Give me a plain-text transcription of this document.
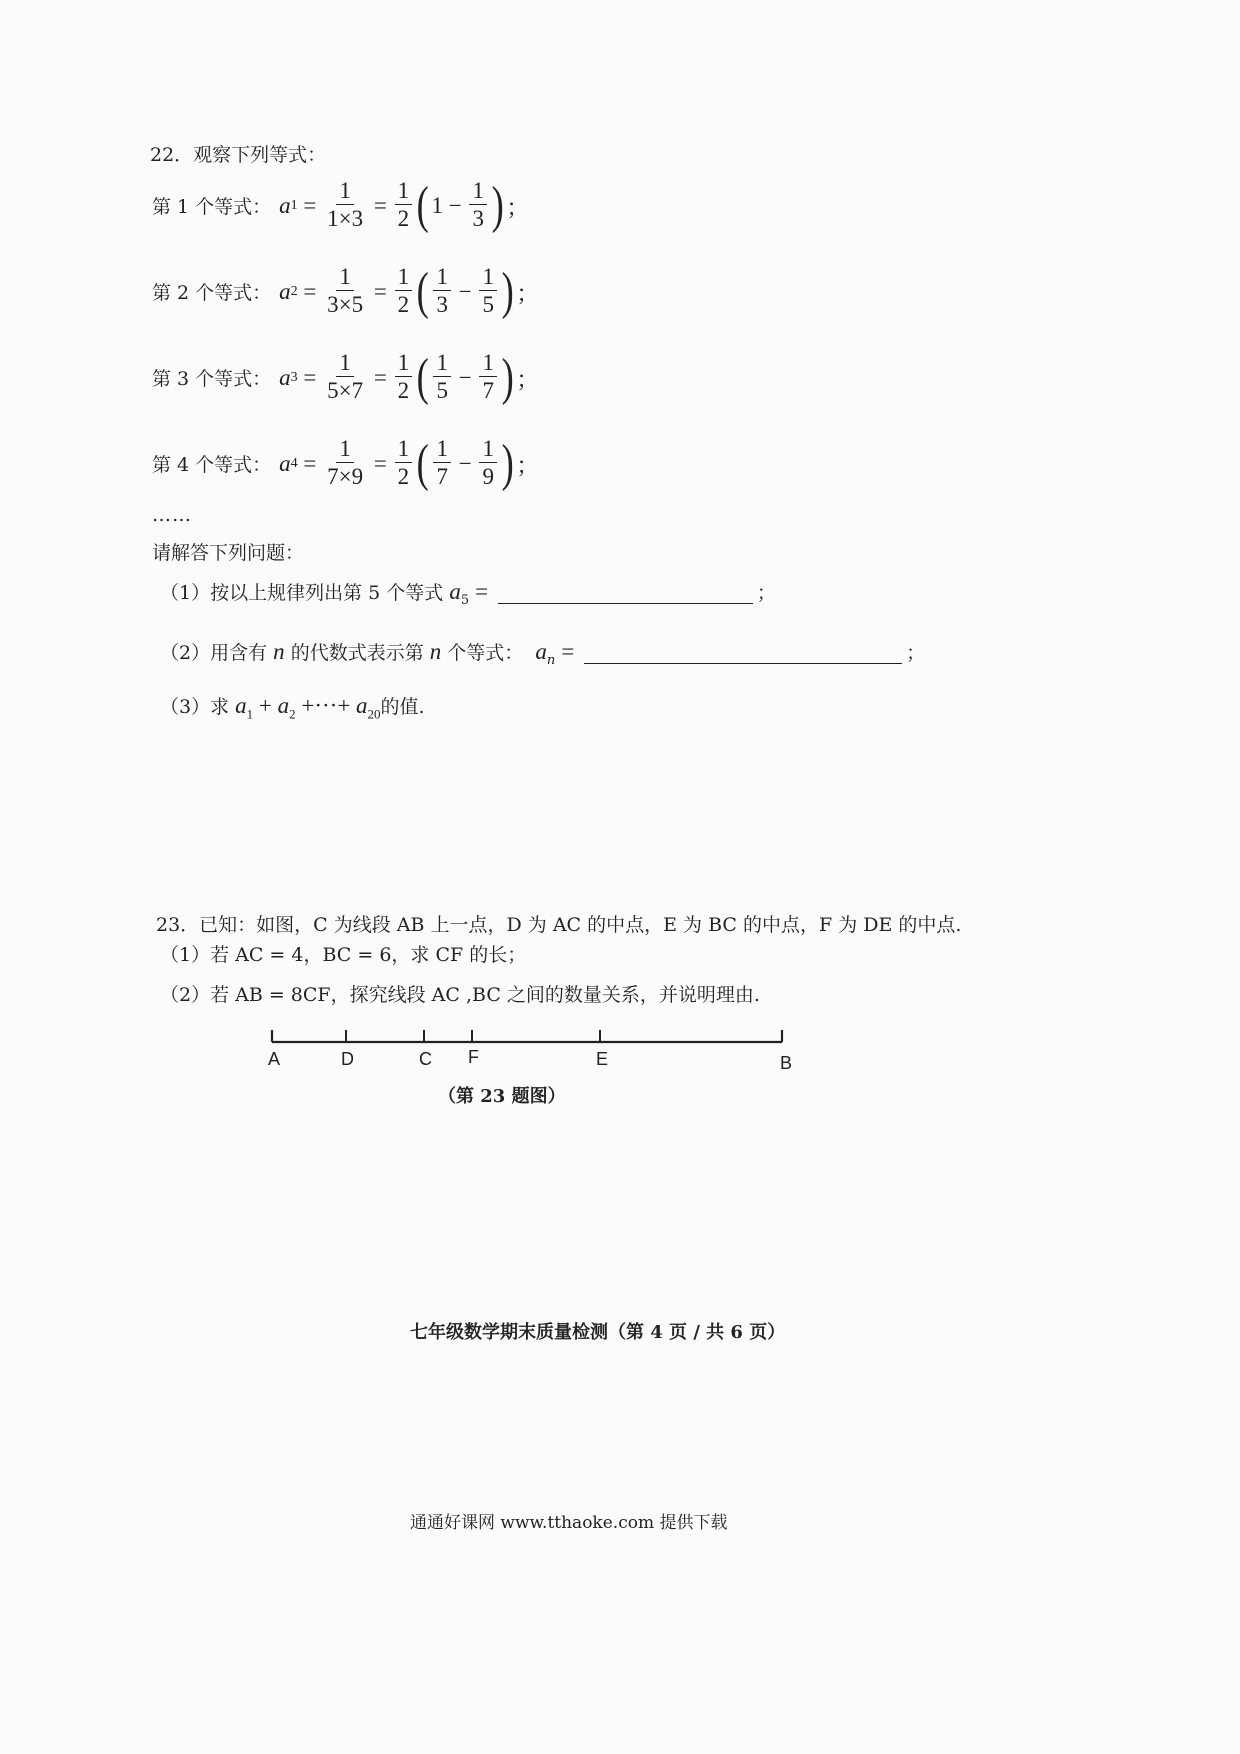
22．观察下列等式：
第 1 个等式： a $1 = \frac{1}{1\times 3} = \frac{1}{2}$ ( $1 - \frac{1}{3}$ ) ；
第 2 个等式： a $2 = \frac{1}{3\times 5} = \frac{1}{2}$ ( $\frac{1}{3} - \frac{1}{5}$ ) ；
第 3 个等式： a $3 = \frac{1}{5\times 7} = \frac{1}{2}$ ( $\frac{1}{5} - \frac{1}{7}$ ) ；
第 4 个等式： a $4 = \frac{1}{7\times 9} = \frac{1}{2}$ ( $\frac{1}{7} - \frac{1}{9}$ ) ；
……
请解答下列问题：
（1）按以上规律列出第 5 个等式 $a_5$ =	；
（2）用含有 n 的代数式表示第 n 个等式： $a_n$ =	；
（3）求 $a_1 + a_2$ +···+ $a_{20}$的值.
23．已知：如图，C 为线段 AB 上一点，D 为 AC 的中点，E 为 BC 的中点，F 为 DE 的中点.
（1）若 AC = 4，BC = 6，求 CF 的长；
（2）若 AB = 8CF，探究线段 AC ,BC 之间的数量关系，并说明理由.
A	D	C F	E	B
（第 23 题图）
七年级数学期末质量检测（第 4 页 / 共 6 页）
通通好课网 www.tthaoke.com 提供下载
